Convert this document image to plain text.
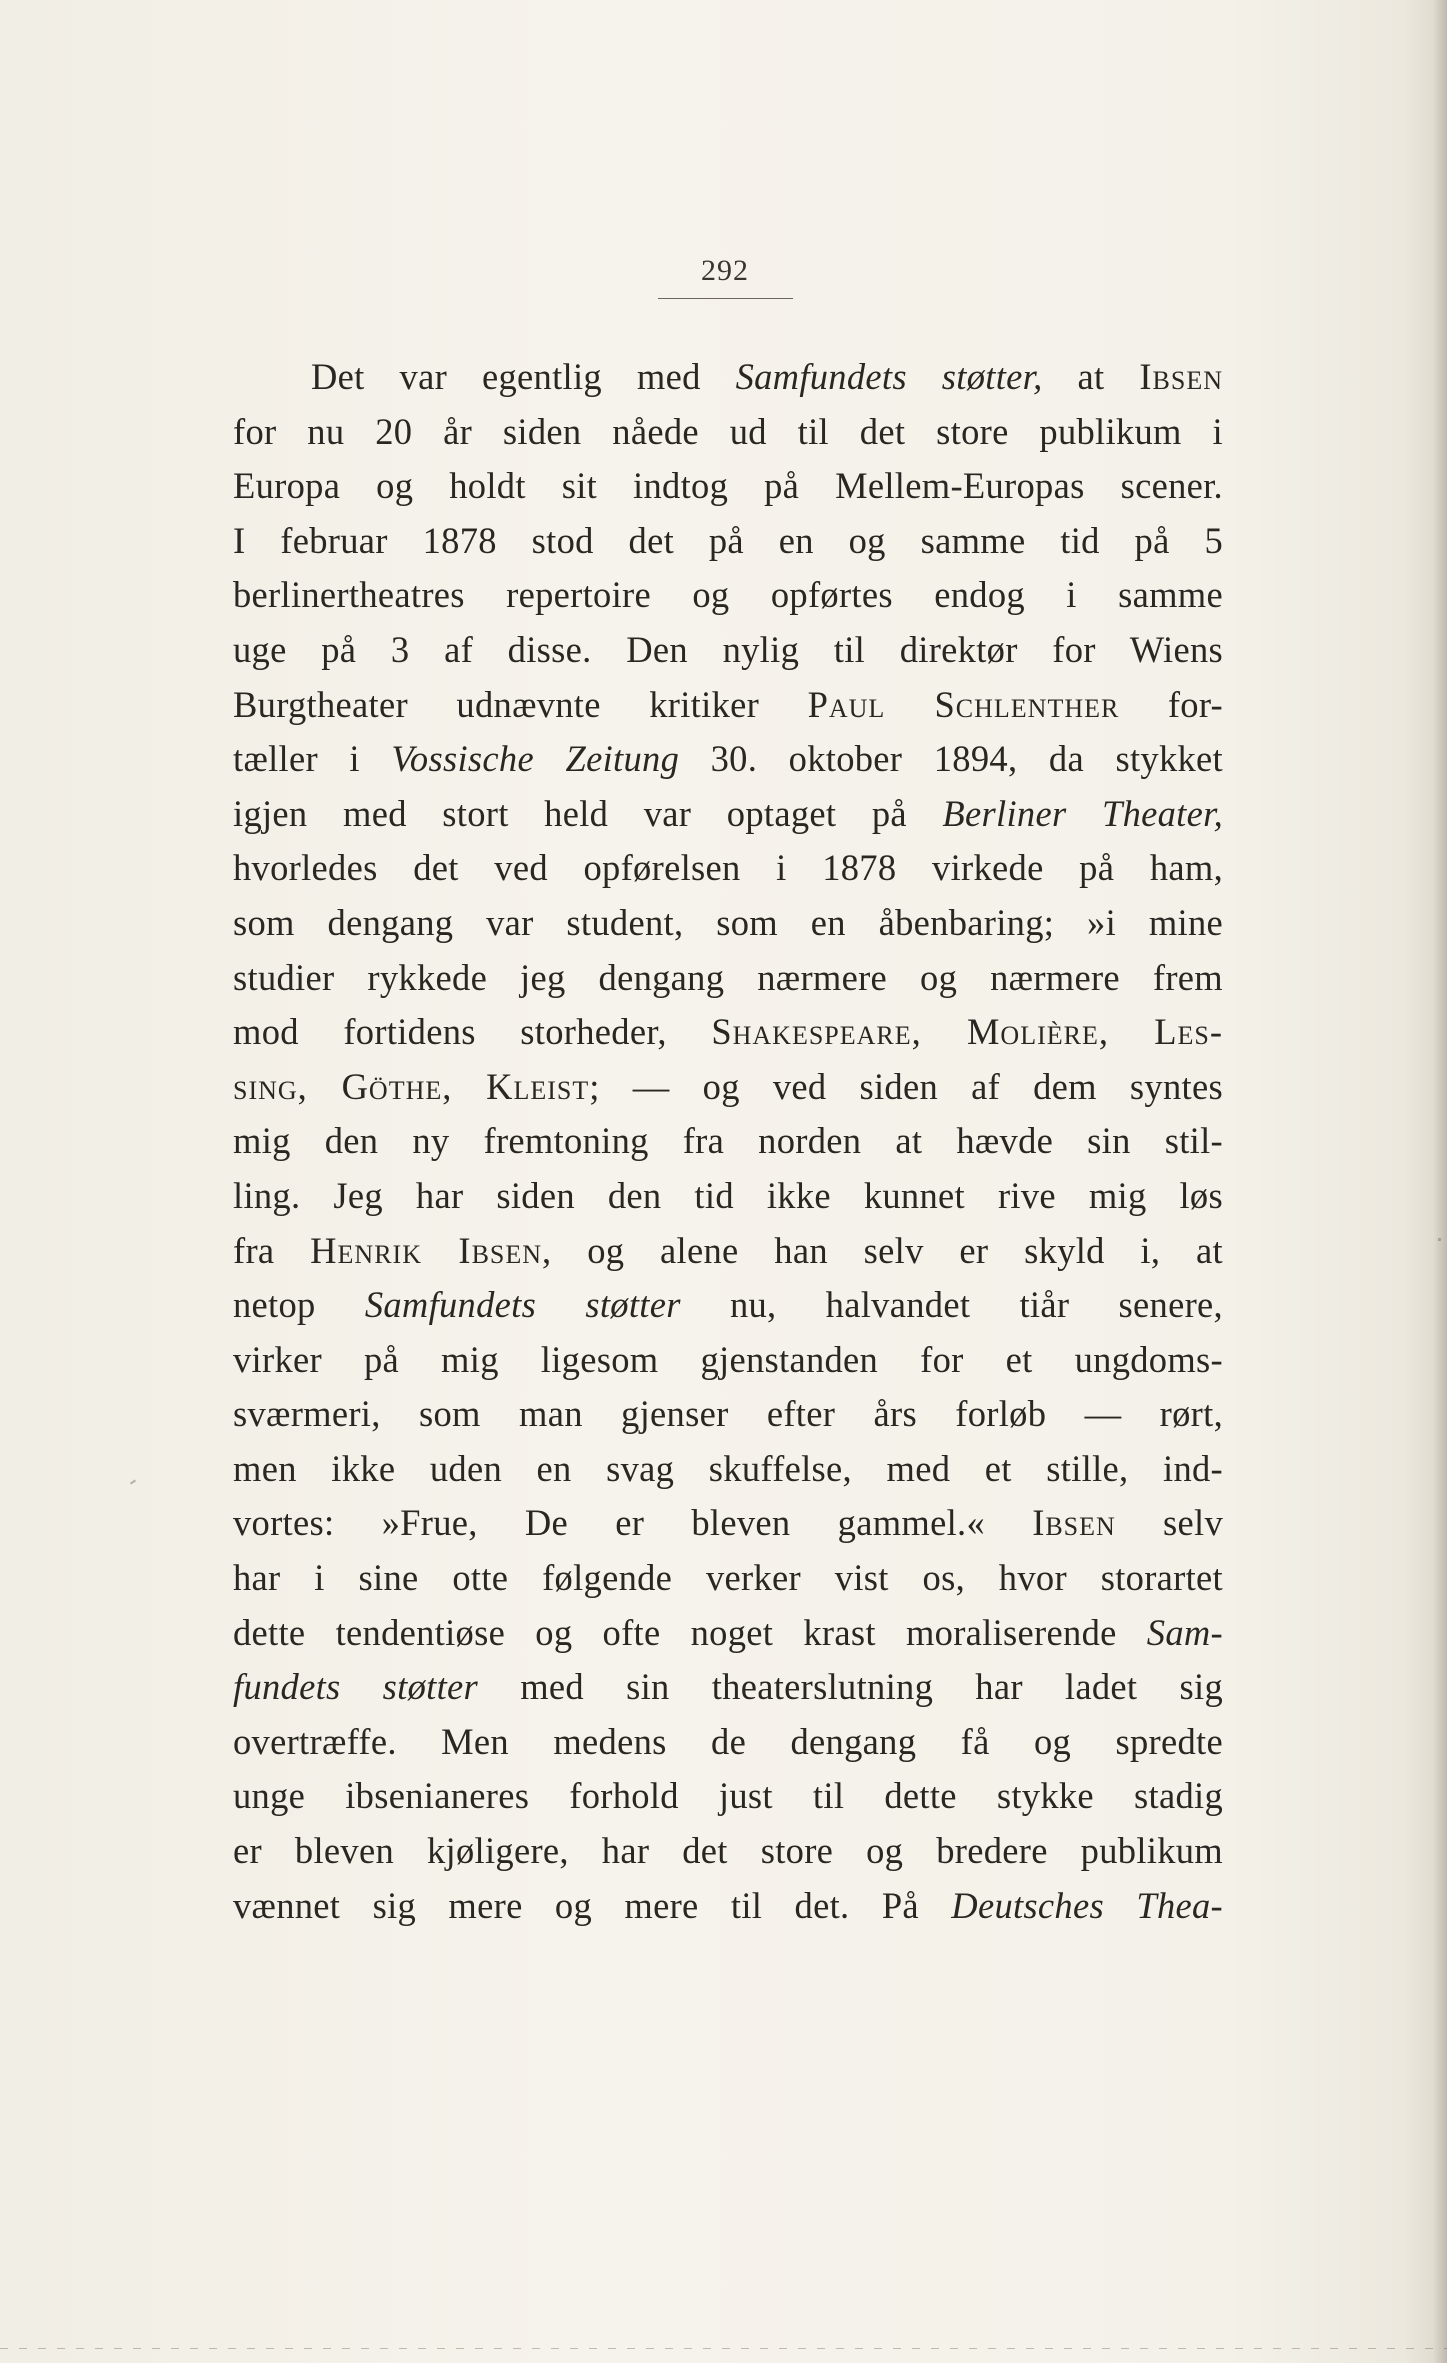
292
Det var egentlig med Samfundets støtter, at Ibsen
for nu 20 år siden nåede ud til det store publikum i
Europa og holdt sit indtog på Mellem-Europas scener.
I februar 1878 stod det på en og samme tid på 5
berlinertheatres repertoire og opførtes endog i samme
uge på 3 af disse. Den nylig til direktør for Wiens
Burgtheater udnævnte kritiker Paul Schlenther for-
tæller i Vossische Zeitung 30. oktober 1894, da stykket
igjen med stort held var optaget på Berliner Theater,
hvorledes det ved opførelsen i 1878 virkede på ham,
som dengang var student, som en åbenbaring; »i mine
studier rykkede jeg dengang nærmere og nærmere frem
mod fortidens storheder, Shakespeare, Molière, Les-
sing, Göthe, Kleist; — og ved siden af dem syntes
mig den ny fremtoning fra norden at hævde sin stil-
ling. Jeg har siden den tid ikke kunnet rive mig løs
fra Henrik Ibsen, og alene han selv er skyld i, at
netop Samfundets støtter nu, halvandet tiår senere,
virker på mig ligesom gjenstanden for et ungdoms-
sværmeri, som man gjenser efter års forløb — rørt,
men ikke uden en svag skuffelse, med et stille, ind-
vortes: »Frue, De er bleven gammel.« Ibsen selv
har i sine otte følgende verker vist os, hvor storartet
dette tendentiøse og ofte noget krast moraliserende Sam-
fundets støtter med sin theaterslutning har ladet sig
overtræffe. Men medens de dengang få og spredte
unge ibsenianeres forhold just til dette stykke stadig
er bleven kjøligere, har det store og bredere publikum
vænnet sig mere og mere til det. På Deutsches Thea-
